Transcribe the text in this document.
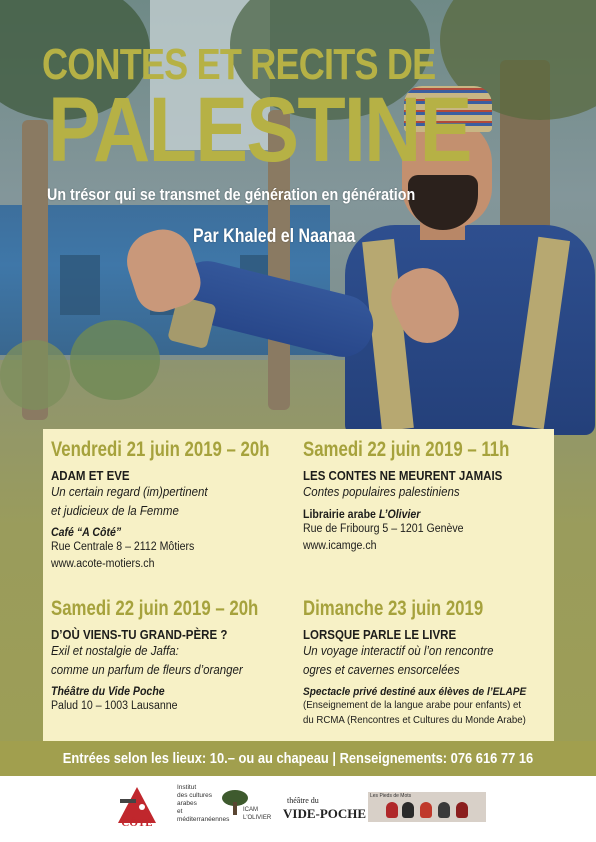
CONTES ET RECITS DE
PALESTINE
Un trésor qui se transmet de génération en génération
Par Khaled el Naanaa
Vendredi 21 juin 2019 – 20h
ADAM ET EVE
Un certain regard (im)pertinent
et judicieux de la Femme
Café “A Côté”
Rue Centrale 8 – 2112 Môtiers
www.acote-motiers.ch
Samedi 22 juin 2019 – 11h
LES CONTES NE MEURENT JAMAIS
Contes populaires palestiniens
Librairie arabe L’Olivier
Rue de Fribourg 5 – 1201 Genève
www.icamge.ch
Samedi 22 juin 2019 – 20h
D’OÙ VIENS-TU GRAND-PÈRE ?
Exil et nostalgie de Jaffa:
comme un parfum de fleurs d’oranger
Théâtre du Vide Poche
Palud 10 – 1003 Lausanne
Dimanche 23 juin 2019
LORSQUE PARLE LE LIVRE
Un voyage interactif où l’on rencontre
ogres et cavernes ensorcelées
Spectacle privé destiné aux élèves de l’ELAPE
(Enseignement de la langue arabe pour enfants) et
du RCMA (Rencontres et Cultures du Monde Arabe)
Entrées selon les lieux: 10.– ou au chapeau | Renseignements: 076 616 77 16
CÔTÉ
Institut
des cultures
arabes
et méditerranéennes
ICAM
L'OLIVIER
théâtre du
VIDE-POCHE
Les Pieds de Mots
